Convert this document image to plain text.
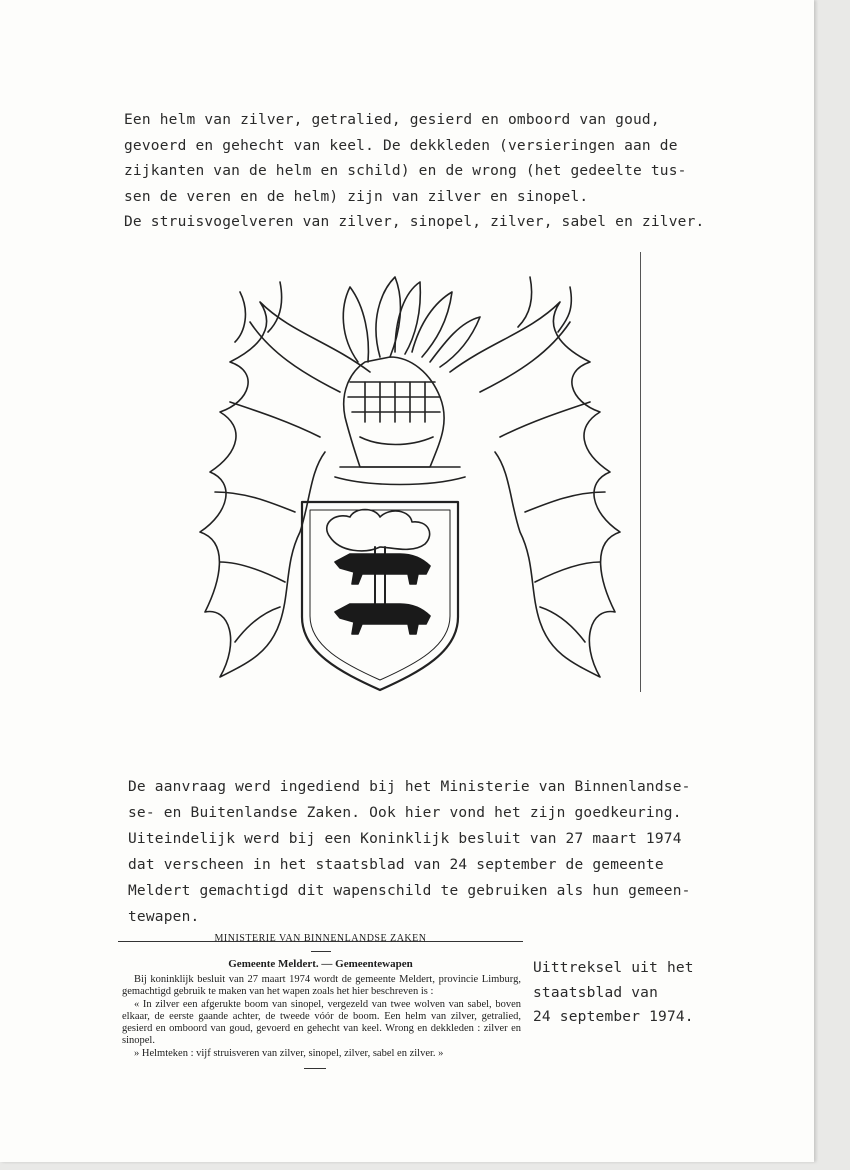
Een helm van zilver, getralied, gesierd en omboord van goud,
gevoerd en gehecht van keel. De dekkleden (versieringen aan de
zijkanten van de helm en schild) en de wrong (het gedeelte tus-
sen de veren en de helm) zijn van zilver en sinopel.
De struisvogelveren van zilver, sinopel, zilver, sabel en zilver.
De aanvraag werd ingediend bij het Ministerie van Binnenlandse-
se- en Buitenlandse Zaken. Ook hier vond het zijn goedkeuring.
Uiteindelijk werd bij een Koninklijk besluit van 27 maart 1974
dat verscheen in het staatsblad van 24 september de gemeente
Meldert gemachtigd dit wapenschild te gebruiken als hun gemeen-
tewapen.
MINISTERIE VAN BINNENLANDSE ZAKEN
Gemeente Meldert. — Gemeentewapen

Bij koninklijk besluit van 27 maart 1974 wordt de gemeente Meldert, provincie Limburg, gemachtigd gebruik te maken van het wapen zoals het hier beschreven is :

« In zilver een afgerukte boom van sinopel, vergezeld van twee wolven van sabel, boven elkaar, de eerste gaande achter, de tweede vóór de boom. Een helm van zilver, getralied, gesierd en omboord van goud, gevoerd en gehecht van keel. Wrong en dekkleden : zilver en sinopel.

» Helmteken : vijf struisveren van zilver, sinopel, zilver, sabel en zilver. »

Uittreksel uit het
staatsblad van
24 september 1974.
